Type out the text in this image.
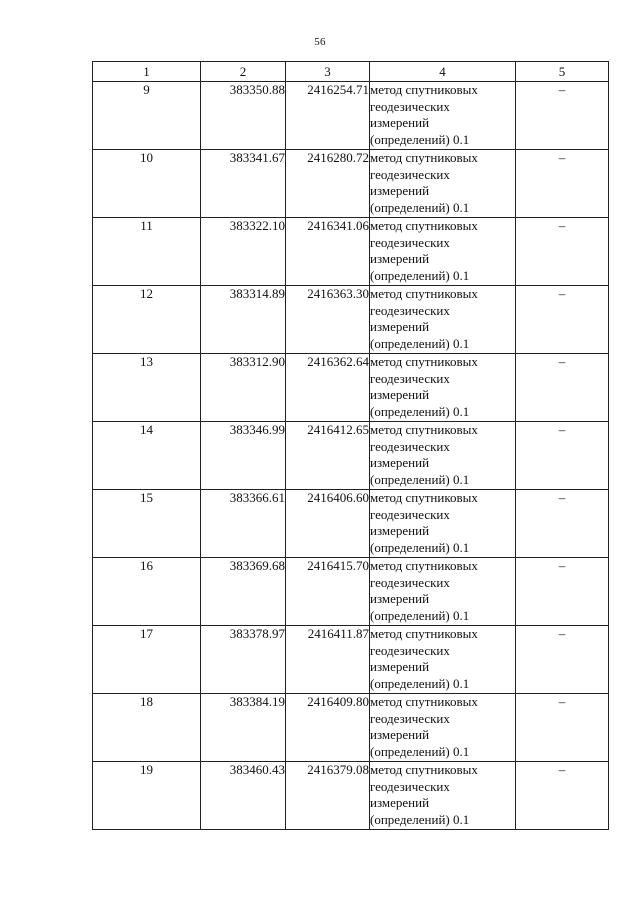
56
1	2	3	4	5
9	383350.88	2416254.71	метод спутниковых
геодезических
измерений
(определений) 0.1	–
10	383341.67	2416280.72	метод спутниковых
геодезических
измерений
(определений) 0.1	–
11	383322.10	2416341.06	метод спутниковых
геодезических
измерений
(определений) 0.1	–
12	383314.89	2416363.30	метод спутниковых
геодезических
измерений
(определений) 0.1	–
13	383312.90	2416362.64	метод спутниковых
геодезических
измерений
(определений) 0.1	–
14	383346.99	2416412.65	метод спутниковых
геодезических
измерений
(определений) 0.1	–
15	383366.61	2416406.60	метод спутниковых
геодезических
измерений
(определений) 0.1	–
16	383369.68	2416415.70	метод спутниковых
геодезических
измерений
(определений) 0.1	–
17	383378.97	2416411.87	метод спутниковых
геодезических
измерений
(определений) 0.1	–
18	383384.19	2416409.80	метод спутниковых
геодезических
измерений
(определений) 0.1	–
19	383460.43	2416379.08	метод спутниковых
геодезических
измерений
(определений) 0.1	–
